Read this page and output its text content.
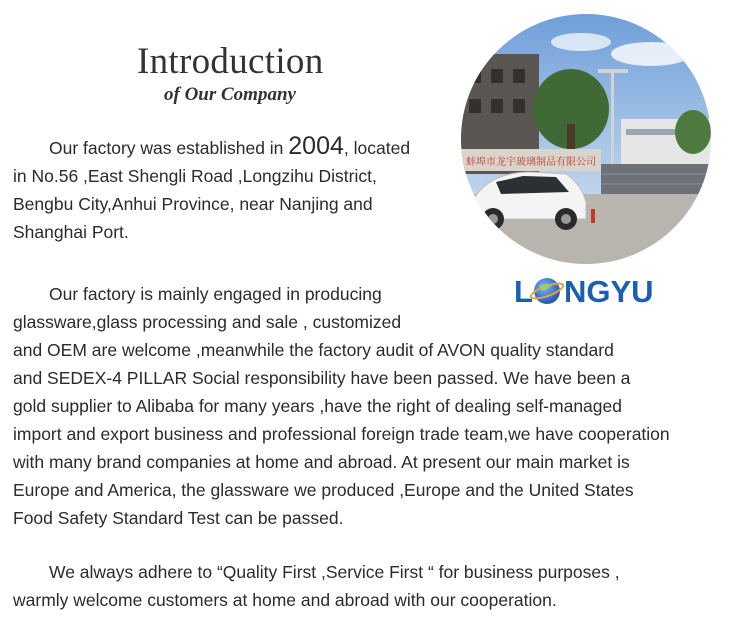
Introduction
of Our Company

Our factory was established in 2004, located
in No.56 ,East Shengli Road ,Longzihu District,
Bengbu City,Anhui Province, near Nanjing and
Shanghai Port.

Our factory is mainly engaged in producing
glassware,glass processing and sale , customized
and OEM are welcome ,meanwhile the factory audit of AVON quality standard
and SEDEX-4 PILLAR Social responsibility have been passed. We have been a
gold supplier to Alibaba for many years ,have the right of dealing self-managed
import and export business and professional foreign trade team,we have cooperation
with many brand companies at home and abroad. At present our main market is
Europe and America, the glassware we produced ,Europe and the United States
Food Safety Standard Test can be passed.

We always adhere to “Quality First ,Service First “ for business purposes ,
warmly welcome customers at home and abroad with our cooperation.

蚌埠市龙宇玻璃制品有限公司
L NGYU
